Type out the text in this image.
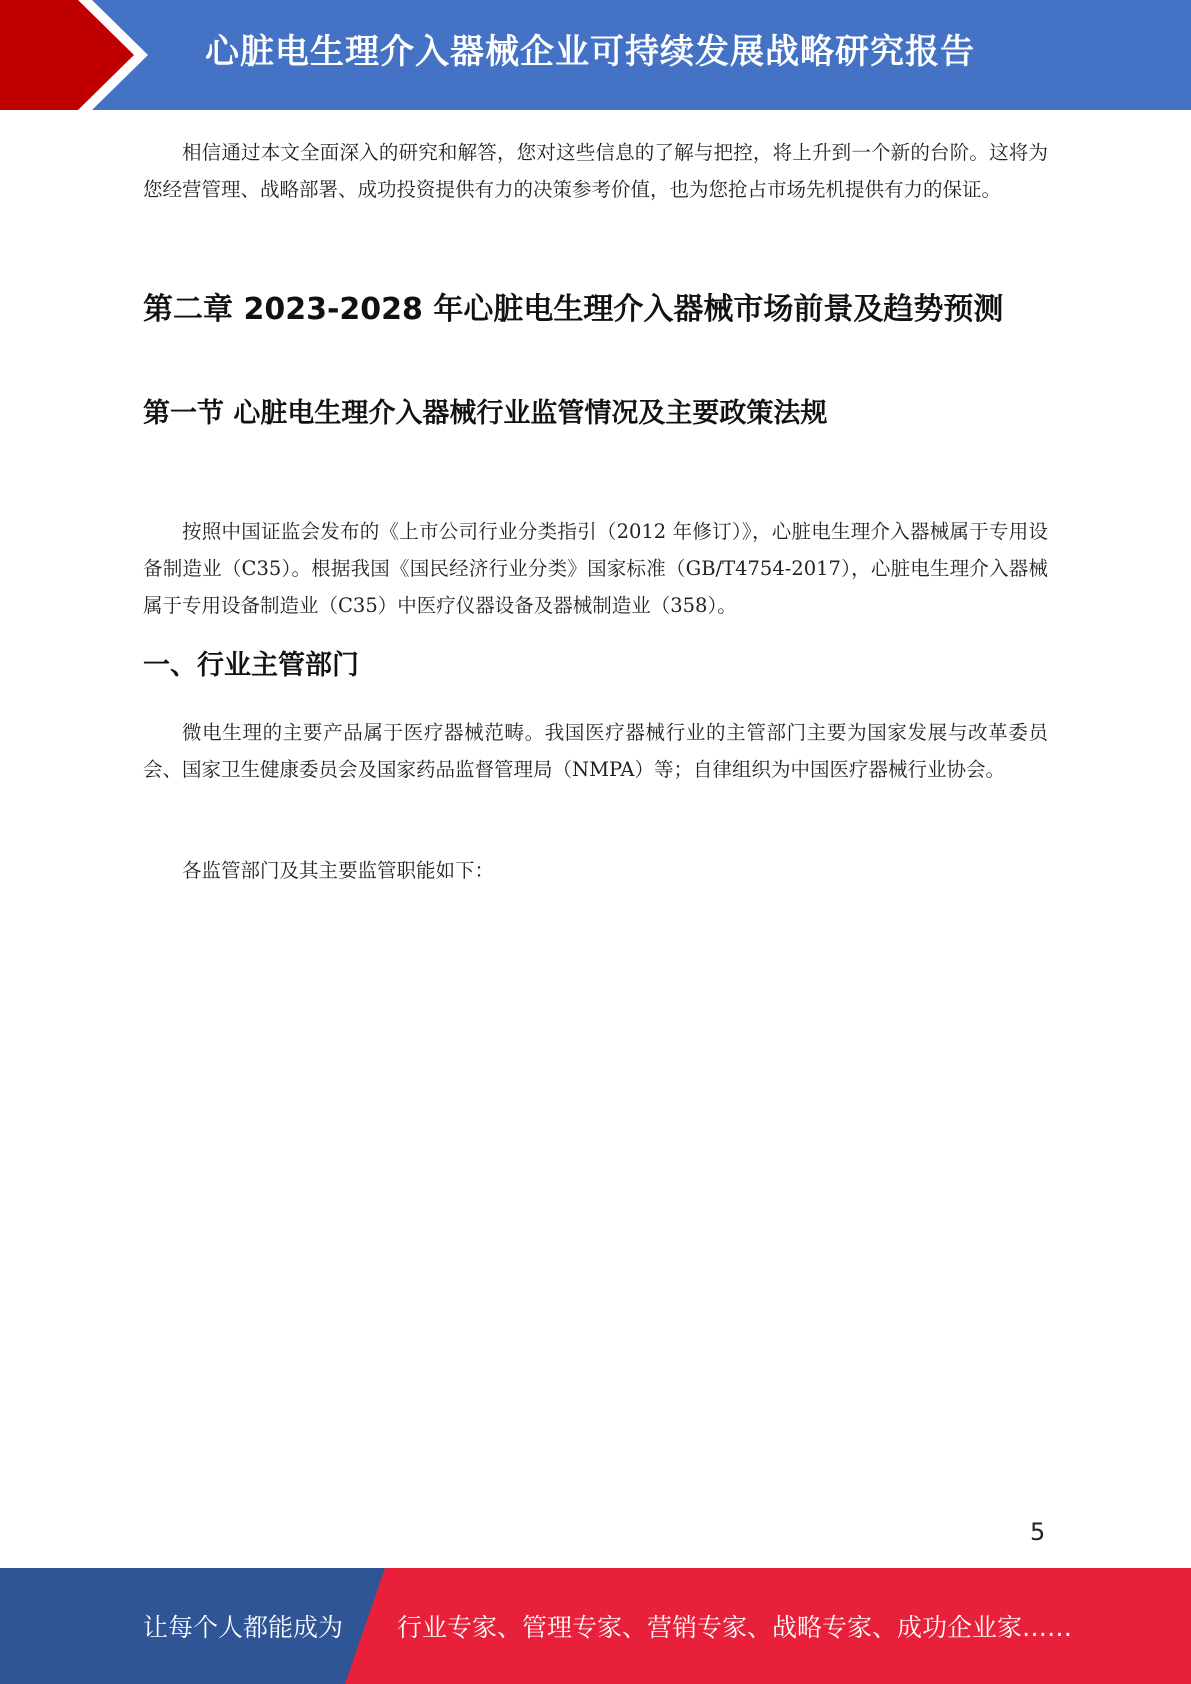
心脏电生理介入器械企业可持续发展战略研究报告

相信通过本文全面深入的研究和解答，您对这些信息的了解与把控，将上升到一个新的台阶。这将为您经营管理、战略部署、成功投资提供有力的决策参考价值，也为您抢占市场先机提供有力的保证。

第二章 2023-2028 年心脏电生理介入器械市场前景及趋势预测
第一节 心脏电生理介入器械行业监管情况及主要政策法规

按照中国证监会发布的《上市公司行业分类指引（2012 年修订）》，心脏电生理介入器械属于专用设备制造业（C35）。根据我国《国民经济行业分类》国家标准（GB/T4754-2017），心脏电生理介入器械属于专用设备制造业（C35）中医疗仪器设备及器械制造业（358）。

一、行业主管部门

微电生理的主要产品属于医疗器械范畴。我国医疗器械行业的主管部门主要为国家发展与改革委员会、国家卫生健康委员会及国家药品监督管理局（NMPA）等；自律组织为中国医疗器械行业协会。

各监管部门及其主要监管职能如下：

5
让每个人都能成为 行业专家、管理专家、营销专家、战略专家、成功企业家……
